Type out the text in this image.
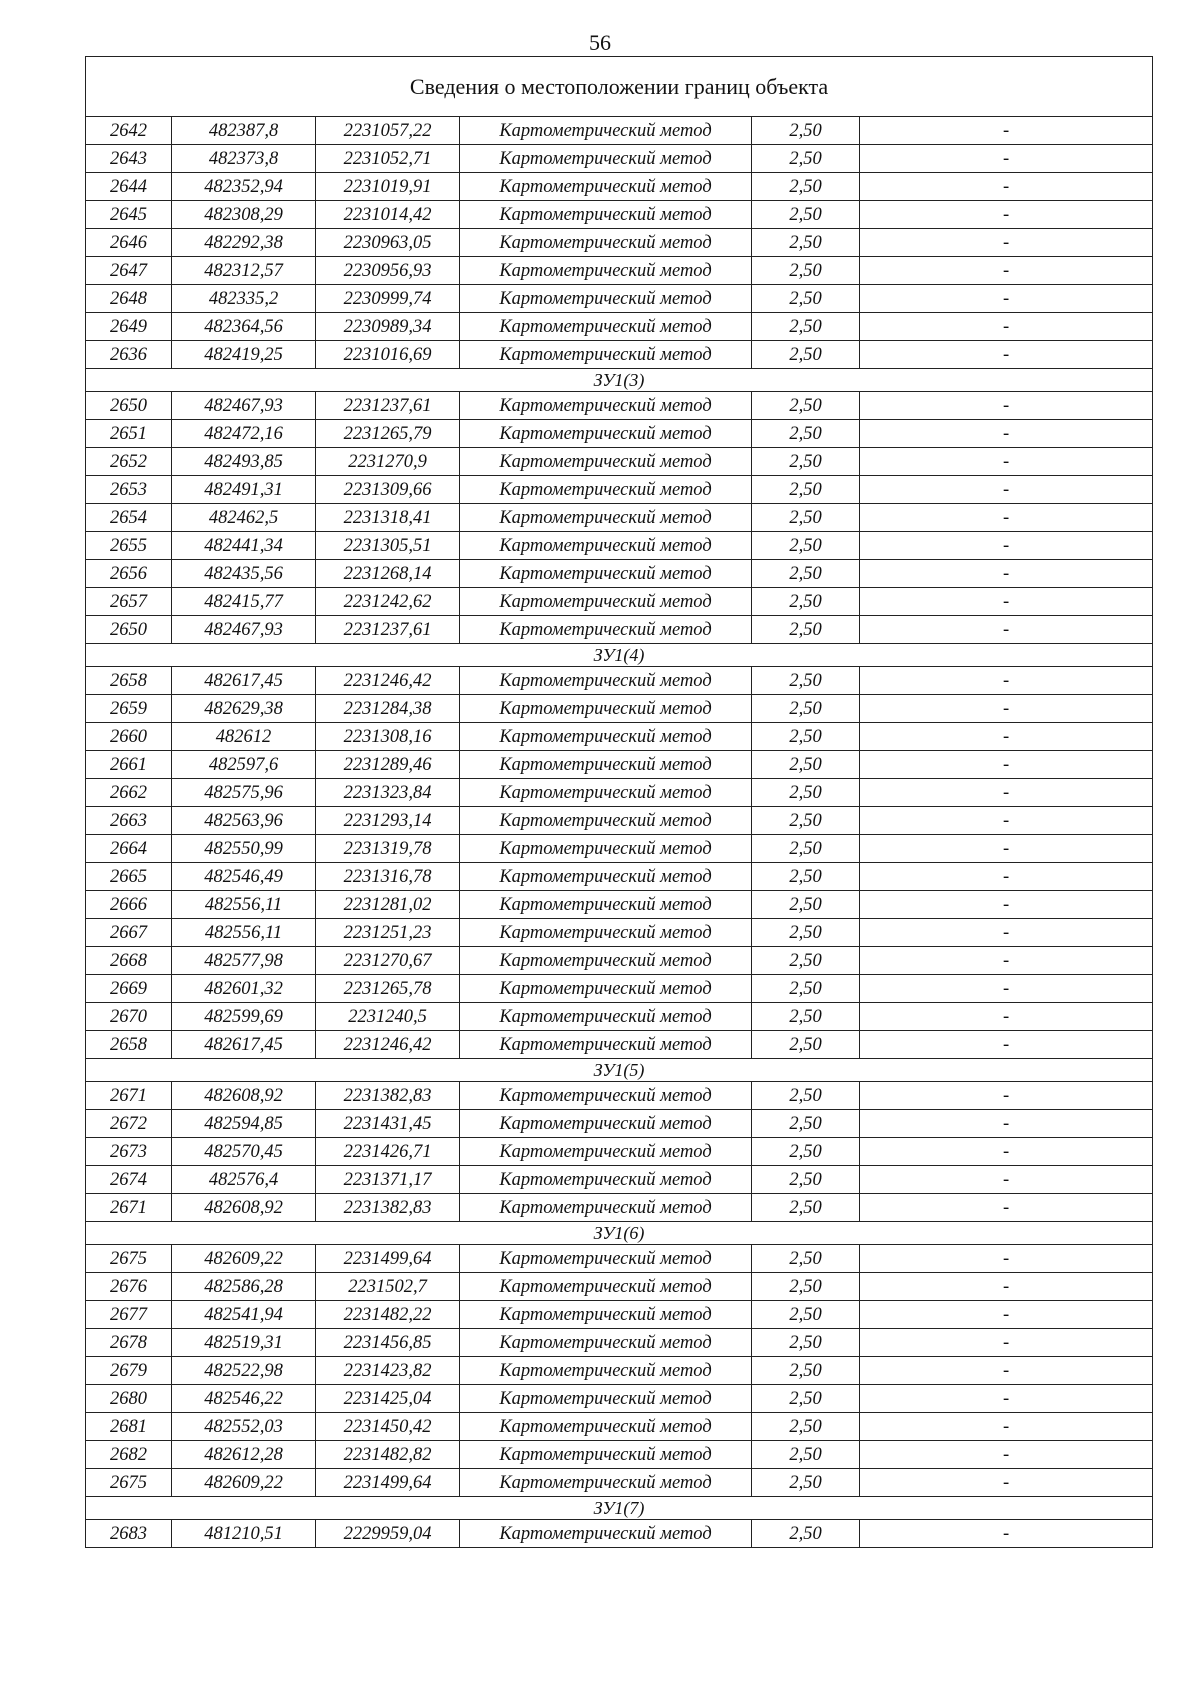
56
Сведения о местоположении границ объекта					
2642	482387,8	2231057,22	Картометрический метод	2,50	-
2643	482373,8	2231052,71	Картометрический метод	2,50	-
2644	482352,94	2231019,91	Картометрический метод	2,50	-
2645	482308,29	2231014,42	Картометрический метод	2,50	-
2646	482292,38	2230963,05	Картометрический метод	2,50	-
2647	482312,57	2230956,93	Картометрический метод	2,50	-
2648	482335,2	2230999,74	Картометрический метод	2,50	-
2649	482364,56	2230989,34	Картометрический метод	2,50	-
2636	482419,25	2231016,69	Картометрический метод	2,50	-
ЗУ1(3)					
2650	482467,93	2231237,61	Картометрический метод	2,50	-
2651	482472,16	2231265,79	Картометрический метод	2,50	-
2652	482493,85	2231270,9	Картометрический метод	2,50	-
2653	482491,31	2231309,66	Картометрический метод	2,50	-
2654	482462,5	2231318,41	Картометрический метод	2,50	-
2655	482441,34	2231305,51	Картометрический метод	2,50	-
2656	482435,56	2231268,14	Картометрический метод	2,50	-
2657	482415,77	2231242,62	Картометрический метод	2,50	-
2650	482467,93	2231237,61	Картометрический метод	2,50	-
ЗУ1(4)					
2658	482617,45	2231246,42	Картометрический метод	2,50	-
2659	482629,38	2231284,38	Картометрический метод	2,50	-
2660	482612	2231308,16	Картометрический метод	2,50	-
2661	482597,6	2231289,46	Картометрический метод	2,50	-
2662	482575,96	2231323,84	Картометрический метод	2,50	-
2663	482563,96	2231293,14	Картометрический метод	2,50	-
2664	482550,99	2231319,78	Картометрический метод	2,50	-
2665	482546,49	2231316,78	Картометрический метод	2,50	-
2666	482556,11	2231281,02	Картометрический метод	2,50	-
2667	482556,11	2231251,23	Картометрический метод	2,50	-
2668	482577,98	2231270,67	Картометрический метод	2,50	-
2669	482601,32	2231265,78	Картометрический метод	2,50	-
2670	482599,69	2231240,5	Картометрический метод	2,50	-
2658	482617,45	2231246,42	Картометрический метод	2,50	-
ЗУ1(5)					
2671	482608,92	2231382,83	Картометрический метод	2,50	-
2672	482594,85	2231431,45	Картометрический метод	2,50	-
2673	482570,45	2231426,71	Картометрический метод	2,50	-
2674	482576,4	2231371,17	Картометрический метод	2,50	-
2671	482608,92	2231382,83	Картометрический метод	2,50	-
ЗУ1(6)					
2675	482609,22	2231499,64	Картометрический метод	2,50	-
2676	482586,28	2231502,7	Картометрический метод	2,50	-
2677	482541,94	2231482,22	Картометрический метод	2,50	-
2678	482519,31	2231456,85	Картометрический метод	2,50	-
2679	482522,98	2231423,82	Картометрический метод	2,50	-
2680	482546,22	2231425,04	Картометрический метод	2,50	-
2681	482552,03	2231450,42	Картометрический метод	2,50	-
2682	482612,28	2231482,82	Картометрический метод	2,50	-
2675	482609,22	2231499,64	Картометрический метод	2,50	-
ЗУ1(7)					
2683	481210,51	2229959,04	Картометрический метод	2,50	-
